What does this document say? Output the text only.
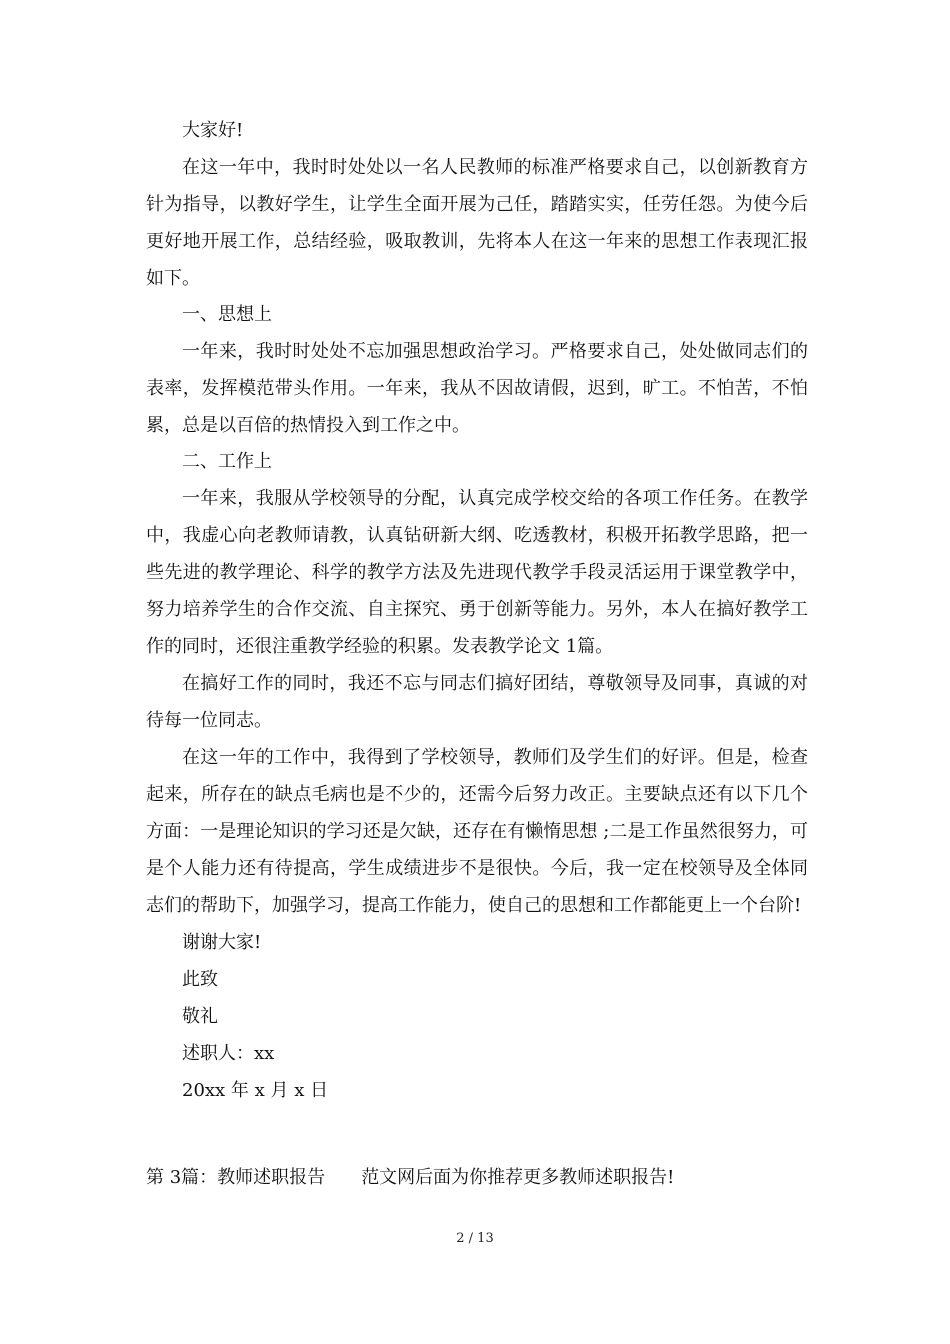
大家好!

在这一年中，我时时处处以一名人民教师的标准严格要求自己，以创新教育方针为指导，以教好学生，让学生全面开展为己任，踏踏实实，任劳任怨。为使今后更好地开展工作，总结经验，吸取教训，先将本人在这一年来的思想工作表现汇报如下。

一、思想上

一年来，我时时处处不忘加强思想政治学习。严格要求自己，处处做同志们的表率，发挥模范带头作用。一年来，我从不因故请假，迟到，旷工。不怕苦，不怕累，总是以百倍的热情投入到工作之中。

二、工作上

一年来，我服从学校领导的分配，认真完成学校交给的各项工作任务。在教学中，我虚心向老教师请教，认真钻研新大纲、吃透教材，积极开拓教学思路，把一些先进的教学理论、科学的教学方法及先进现代教学手段灵活运用于课堂教学中，努力培养学生的合作交流、自主探究、勇于创新等能力。另外，本人在搞好教学工作的同时，还很注重教学经验的积累。发表教学论文 1篇。

在搞好工作的同时，我还不忘与同志们搞好团结，尊敬领导及同事，真诚的对待每一位同志。

在这一年的工作中，我得到了学校领导，教师们及学生们的好评。但是，检查起来，所存在的缺点毛病也是不少的，还需今后努力改正。主要缺点还有以下几个方面：一是理论知识的学习还是欠缺，还存在有懒惰思想 ;二是工作虽然很努力，可是个人能力还有待提高，学生成绩进步不是很快。今后，我一定在校领导及全体同志们的帮助下，加强学习，提高工作能力，使自己的思想和工作都能更上一个台阶!

谢谢大家!

此致

敬礼

述职人：xx

20xx 年 x 月 x 日

第 3篇：教师述职报告 范文网后面为你推荐更多教师述职报告!
2 / 13
